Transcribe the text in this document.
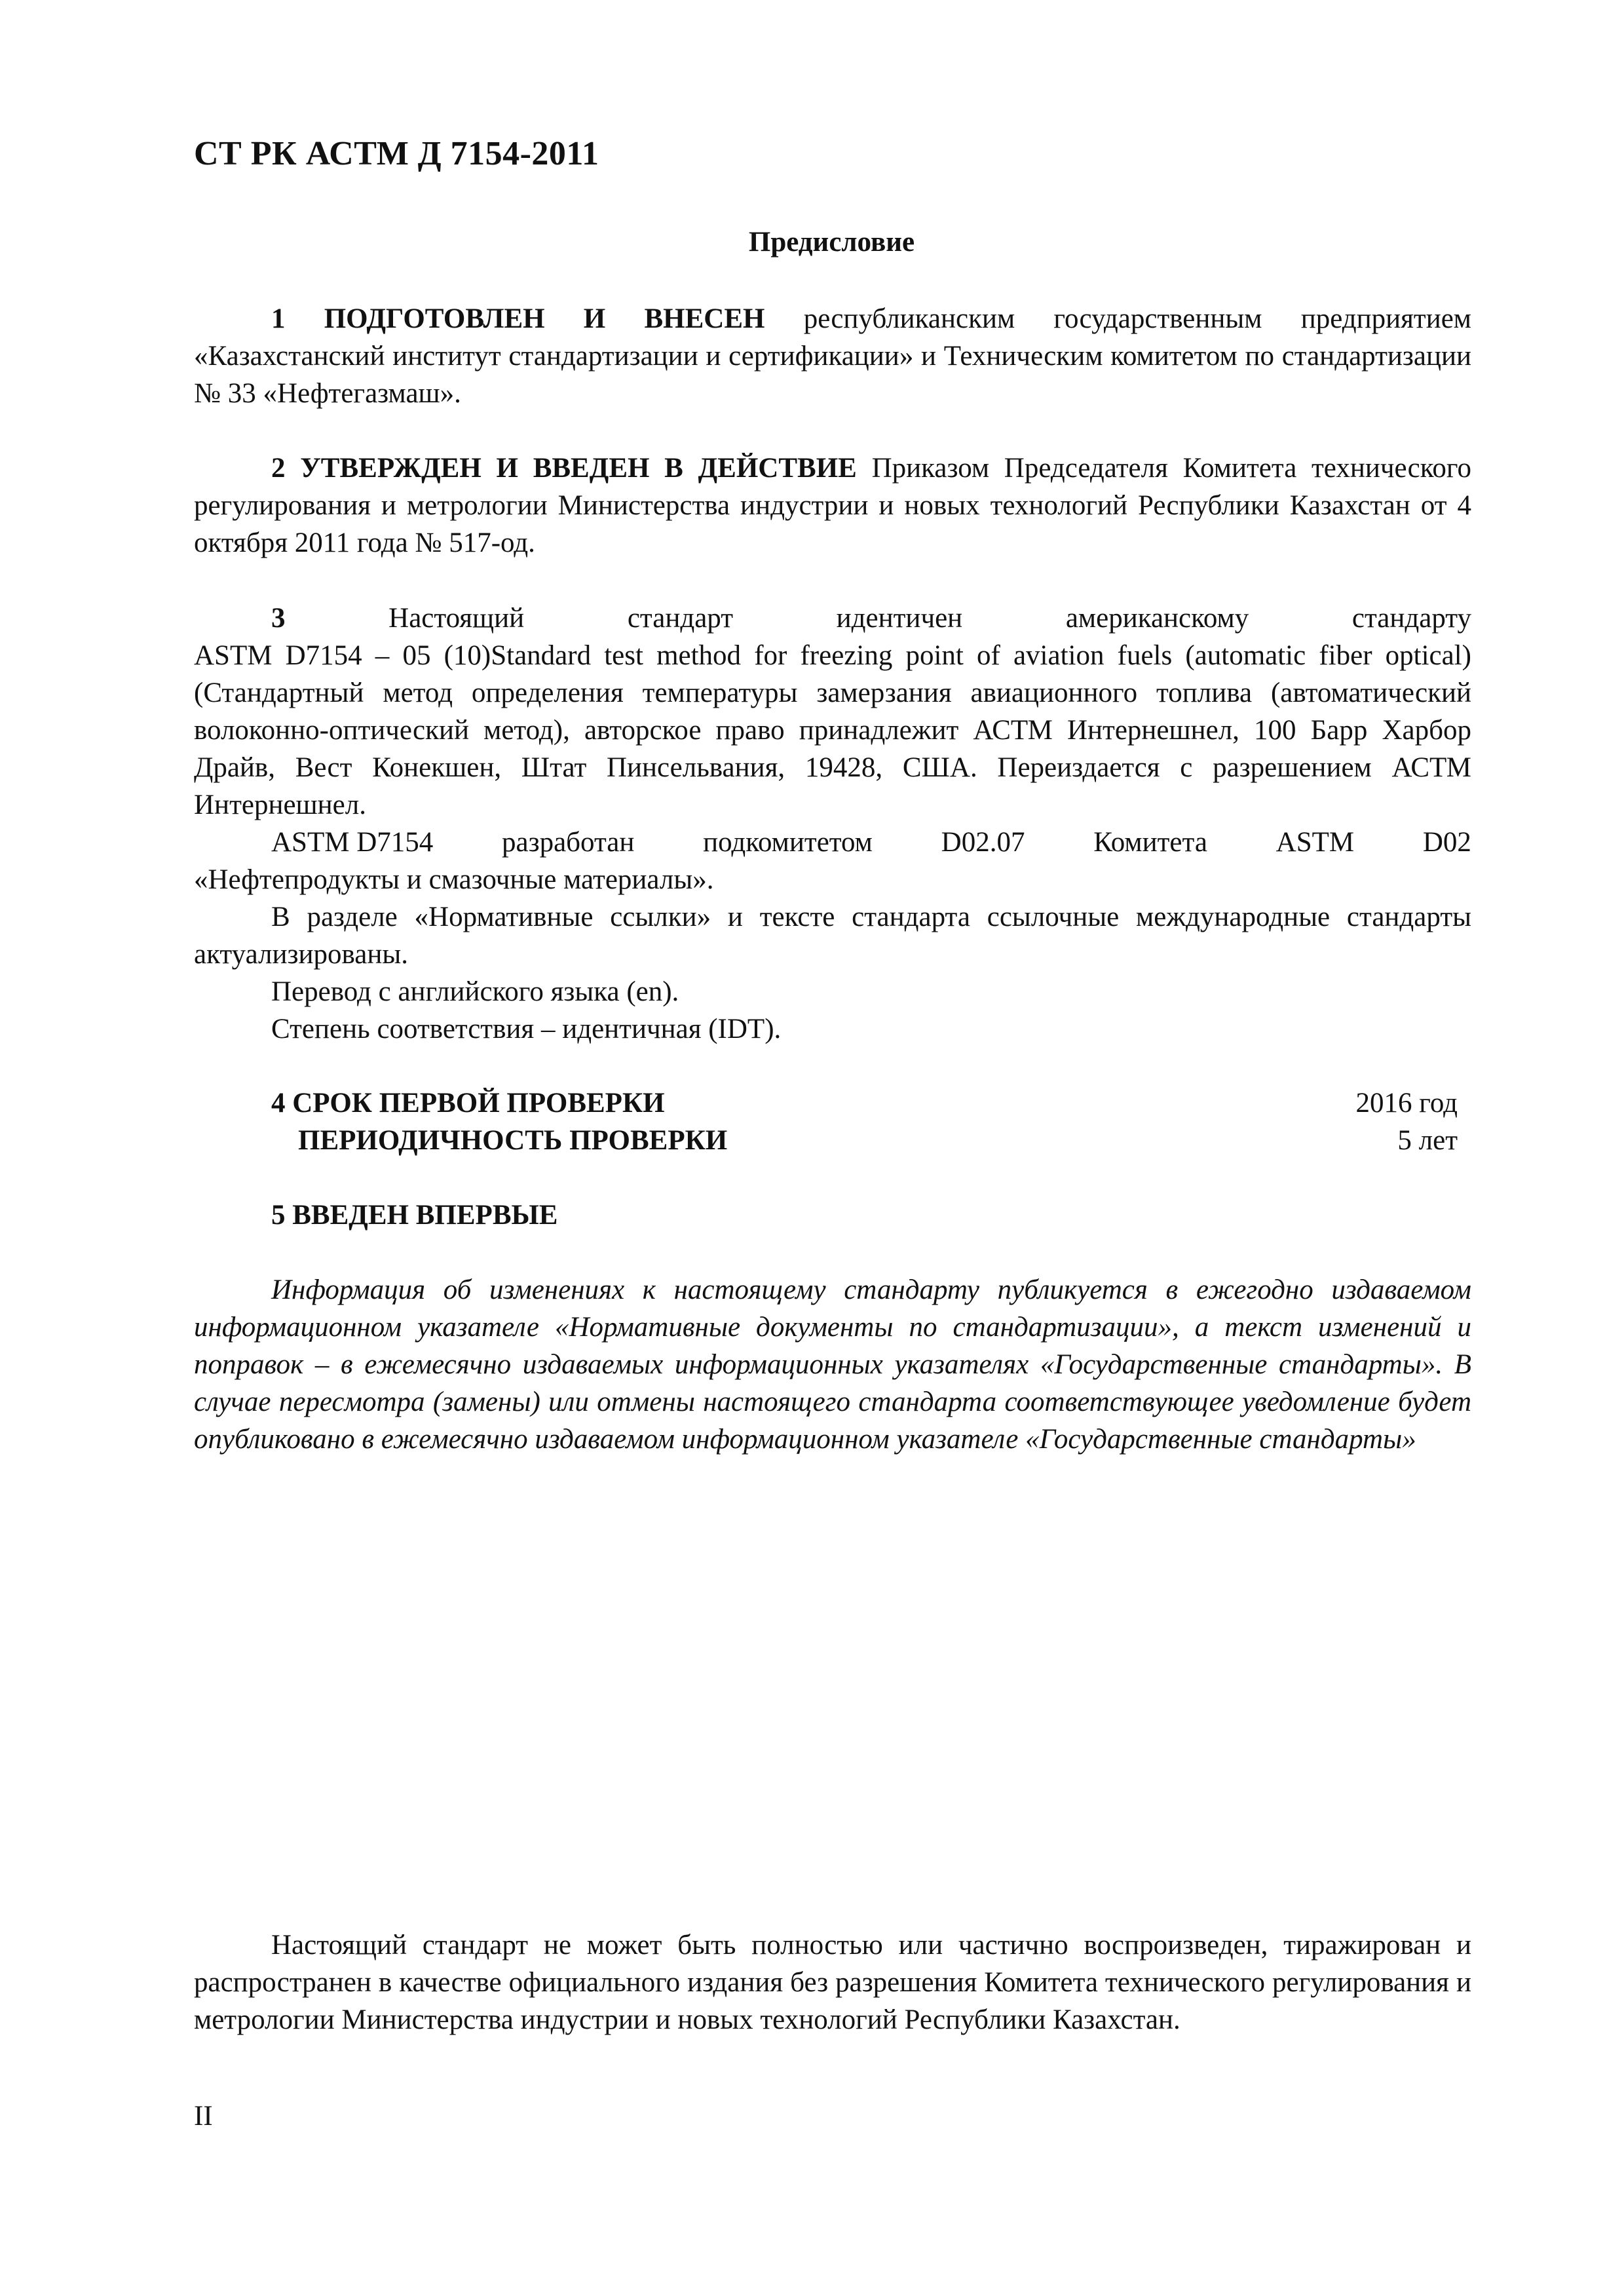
СТ РК АСТМ Д 7154-2011
Предисловие

1 ПОДГОТОВЛЕН И ВНЕСЕН республиканским государственным предприятием «Казахстанский институт стандартизации и сертификации» и Техническим комитетом по стандартизации № 33 «Нефтегазмаш».

2 УТВЕРЖДЕН И ВВЕДЕН В ДЕЙСТВИЕ Приказом Председателя Комитета технического регулирования и метрологии Министерства индустрии и новых технологий Республики Казахстан от 4 октября 2011 года № 517-од.

3	Настоящий	стандарт	идентичен	американскому	стандарту

ASTM D7154 – 05 (10)Standard test method for freezing point of aviation fuels (automatic fiber optical) (Стандартный метод определения температуры замерзания авиационного топлива (автоматический волоконно-оптический метод), авторское право принадлежит АСТМ Интернешнел, 100 Барр Харбор Драйв, Вест Конекшен, Штат Пинсельвания, 19428, США. Переиздается с разрешением АСТМ Интернешнел.

ASTM D7154 разработан подкомитетом D02.07 Комитета ASTM D02

«Нефтепродукты и смазочные материалы».

В разделе «Нормативные ссылки» и тексте стандарта ссылочные международные стандарты актуализированы.

Перевод с английского языка (en).
Степень соответствия – идентичная (IDT).
4 СРОК ПЕРВОЙ ПРОВЕРКИ	2016 год
ПЕРИОДИЧНОСТЬ ПРОВЕРКИ	5 лет
5 ВВЕДЕН ВПЕРВЫЕ

Информация об изменениях к настоящему стандарту публикуется в ежегодно издаваемом информационном указателе «Нормативные документы по стандартизации», а текст изменений и поправок – в ежемесячно издаваемых информационных указателях «Государственные стандарты». В случае пересмотра (замены) или отмены настоящего стандарта соответствующее уведомление будет опубликовано в ежемесячно издаваемом информационном указателе «Государственные стандарты»

Настоящий стандарт не может быть полностью или частично воспроизведен, тиражирован и распространен в качестве официального издания без разрешения Комитета технического регулирования и метрологии Министерства индустрии и новых технологий Республики Казахстан.

II
